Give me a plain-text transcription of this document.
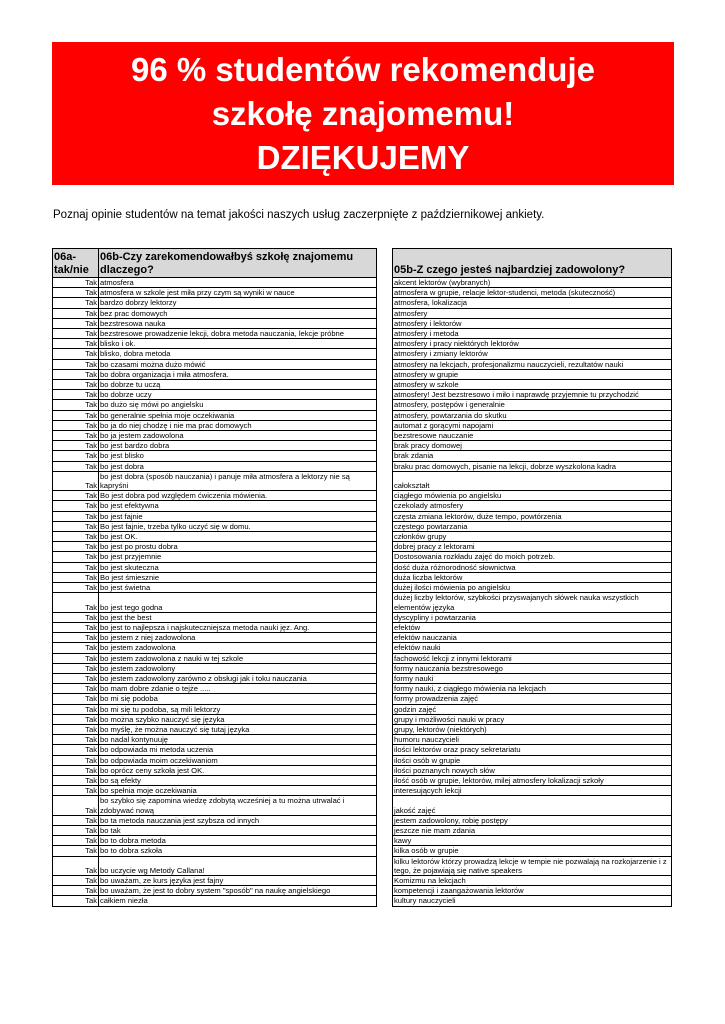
96 % studentów rekomenduje
szkołę znajomemu!
DZIĘKUJEMY
Poznaj opinie studentów na temat jakości naszych usług zaczerpnięte z październikowej ankiety.
06a-tak/nie	06b-Czy zarekomendowałbyś szkołę znajomemu dlaczego?		05b-Z czego jesteś najbardziej zadowolony?
Tak	atmosfera		akcent lektorów (wybranych)
Tak	atmosfera w szkole jest miła przy czym są wyniki w nauce		atmosfera w grupie, relacje lektor-studenci, metoda (skuteczność)
Tak	bardzo dobrzy lektorzy		atmosfera, lokalizacja
Tak	bez prac domowych		atmosfery
Tak	bezstresowa nauka		atmosfery i lektorów
Tak	bezstresowe prowadzenie lekcji, dobra metoda nauczania, lekcje próbne		atmosfery i metoda
Tak	blisko i ok.		atmosfery i pracy niektórych lektorów
Tak	blisko, dobra metoda		atmosfery i zmiany lektorów
Tak	bo czasami można dużo mówić		atmosfery na lekcjach, profesjonalizmu nauczycieli, rezultatów nauki
Tak	bo dobra organizacja i miła atmosfera.		atmosfery w grupie
Tak	bo dobrze tu uczą		atmosfery w szkole
Tak	bo dobrze uczy		atmosfery! Jest bezstresowo i miło i naprawdę przyjemnie tu przychodzić
Tak	bo dużo się mówi po angielsku		atmosfery, postępów i generalnie
Tak	bo generalnie spełnia moje oczekiwania		atmosfery, powtarzania do skutku
Tak	bo ja do niej chodzę i nie ma prac domowych		automat z gorącymi napojami
Tak	bo ja jestem zadowolona		bezstresowe nauczanie
Tak	bo jest bardzo dobra		brak pracy domowej
Tak	bo jest blisko		brak zdania
Tak	bo jest dobra		braku prac domowych, pisanie na lekcji, dobrze wyszkolona kadra
Tak	bo jest dobra (sposób nauczania) i panuje miła atmosfera a lektorzy nie są kapryśni		całokształt
Tak	Bo jest dobra pod względem ćwiczenia mówienia.		ciągłego mówienia po angielsku
Tak	bo jest efektywna		czekolady atmosfery
Tak	bo jest fajnie		częsta zmiana lektorów, duże tempo, powtórzenia
Tak	Bo jest fajnie, trzeba tylko uczyć się w domu.		częstego powtarzania
Tak	bo jest OK.		członków grupy
Tak	bo jest po prostu dobra		dobrej pracy z lektorami
Tak	bo jest przyjemnie		Dostosowania rozkładu zajęć do moich potrzeb.
Tak	bo jest skuteczna		dość duża różnorodność słownictwa
Tak	Bo jest śmiesznie		duża liczba lektorów
Tak	bo jest świetna		dużej ilości mówienia po angielsku
Tak	bo jest tego godna		dużej liczby lektorów, szybkości przyswajanych słówek nauka wszystkich elementów języka
Tak	bo jest the best		dyscypliny i powtarzania
Tak	bo jest to najlepsza i najskuteczniejsza metoda nauki jęz. Ang.		efektów
Tak	bo jestem z niej zadowolona		efektów nauczania
Tak	bo jestem zadowolona		efektów nauki
Tak	bo jestem zadowolona z nauki w tej szkole		fachowość lekcji z innymi lektorami
Tak	bo jestem zadowolony		formy nauczania bezstresowego
Tak	bo jestem zadowolony zarówno z obsługi jak i toku nauczania		formy nauki
Tak	bo mam dobre zdanie o tejże .....		formy nauki, z ciągłego mówienia na lekcjach
Tak	bo mi się podoba		formy prowadzenia zajęć
Tak	bo mi się tu podoba, są mili lektorzy		godzin zajęć
Tak	bo można szybko nauczyć się języka		grupy i możliwości nauki w pracy
Tak	bo myślę, że można nauczyć się tutaj języka		grupy, lektorów (niektórych)
Tak	bo nadal kontynuuję		humoru nauczycieli
Tak	bo odpowiada mi metoda uczenia		ilości lektorów oraz pracy sekretariatu
Tak	bo odpowiada moim oczekiwaniom		ilości osób w grupie
Tak	bo oprócz ceny szkoła jest OK.		ilości poznanych nowych słów
Tak	bo są efekty		ilość osób w grupie, lektorów, milej atmosfery lokalizacji szkoły
Tak	bo spełnia moje oczekiwania		interesujących lekcji
Tak	bo szybko się zapomina wiedzę zdobytą wcześniej a tu można utrwalać i zdobywać nową		jakość zajęć
Tak	bo ta metoda nauczania jest szybsza od innych		jestem zadowolony, robię postępy
Tak	bo tak		jeszcze nie mam zdania
Tak	bo to dobra metoda		kawy
Tak	bo to dobra szkoła		kilka osób w grupie
Tak	bo uczycie wg Metody Callana!		kilku lektorów którzy prowadzą lekcje w tempie nie pozwalają na rozkojarzenie i z tego, że pojawiają się native speakers
Tak	bo uważam, ze kurs języka jest fajny		Komizmu na lekcjach
Tak	bo uważam, że jest to dobry system "sposób" na naukę angielskiego		kompetencji i zaangażowania lektorów
Tak	całkiem niezła		kultury nauczycieli
